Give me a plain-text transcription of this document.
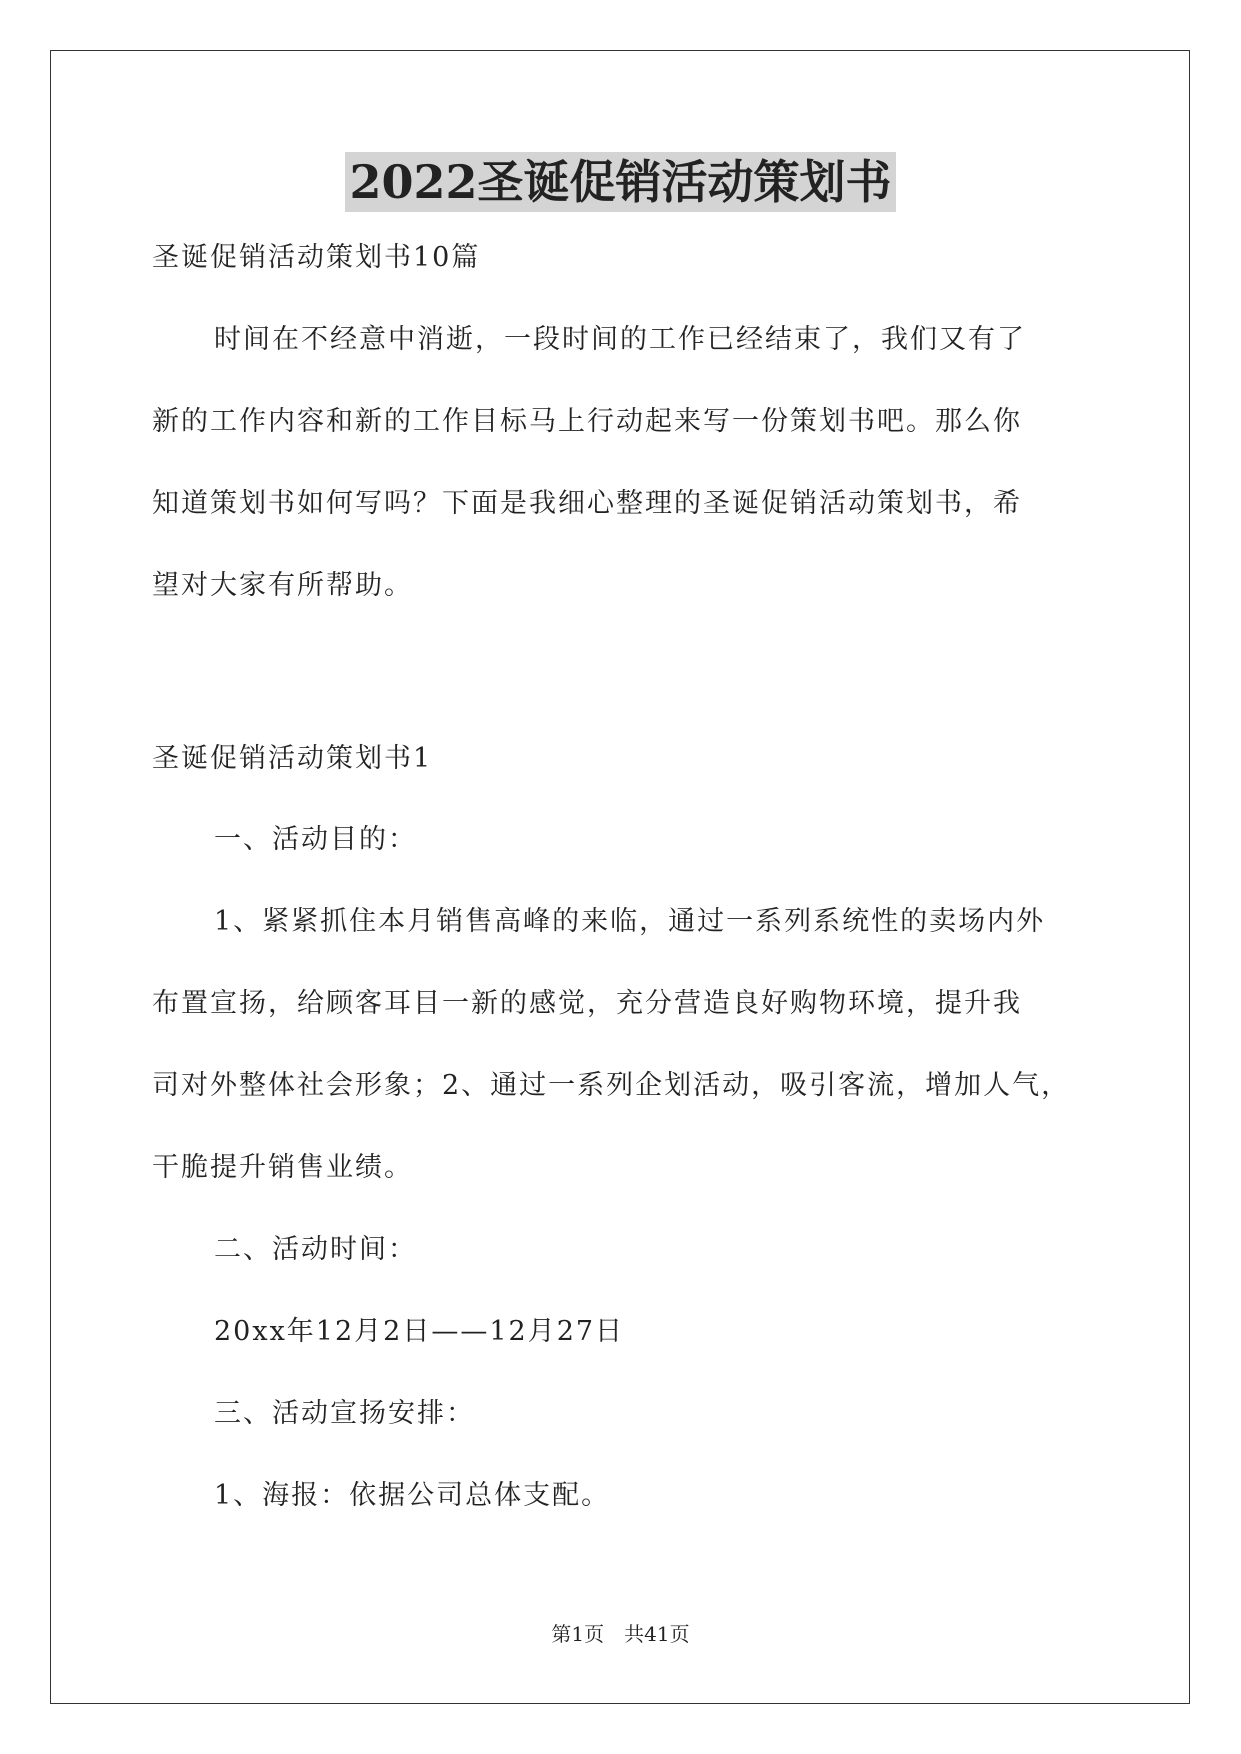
2022圣诞促销活动策划书
圣诞促销活动策划书10篇
时间在不经意中消逝，一段时间的工作已经结束了，我们又有了
新的工作内容和新的工作目标马上行动起来写一份策划书吧。那么你
知道策划书如何写吗？下面是我细心整理的圣诞促销活动策划书，希
望对大家有所帮助。
圣诞促销活动策划书1
一、活动目的：
1、紧紧抓住本月销售高峰的来临，通过一系列系统性的卖场内外
布置宣扬，给顾客耳目一新的感觉，充分营造良好购物环境，提升我
司对外整体社会形象；2、通过一系列企划活动，吸引客流，增加人气，
干脆提升销售业绩。
二、活动时间：
20xx年12月2日——12月27日
三、活动宣扬安排：
1、海报：依据公司总体支配。
第1页　共41页
